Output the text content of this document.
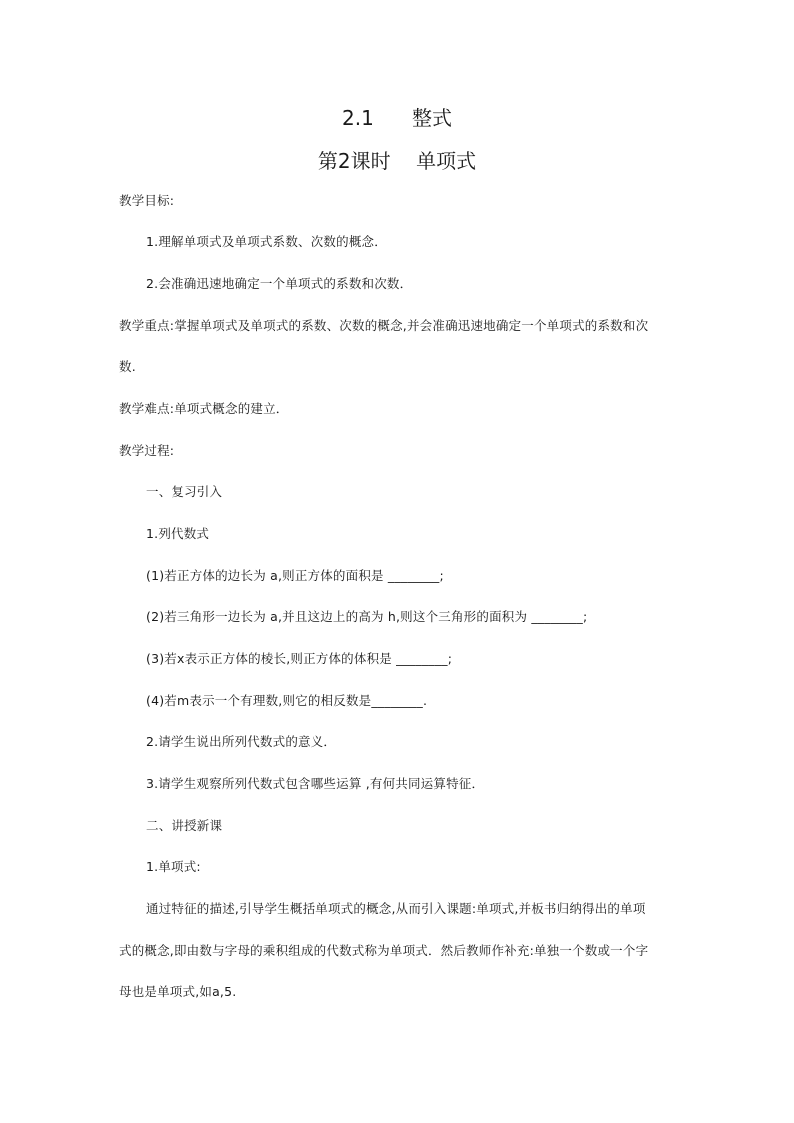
2.1      整式
第2课时    单项式
教学目标:
1.理解单项式及单项式系数、次数的概念．
2.会准确迅速地确定一个单项式的系数和次数．
教学重点:掌握单项式及单项式的系数、次数的概念,并会准确迅速地确定一个单项式的系数和次
数.
教学难点:单项式概念的建立．
教学过程:
一、复习引入
1.列代数式
(1)若正方体的边长为 a,则正方体的面积是 ________;
(2)若三角形一边长为 a,并且这边上的高为 h,则这个三角形的面积为 ________;
(3)若x表示正方体的棱长,则正方体的体积是 ________;
(4)若m表示一个有理数,则它的相反数是________.
2.请学生说出所列代数式的意义．
3.请学生观察所列代数式包含哪些运算 ,有何共同运算特征．
二、讲授新课
1.单项式:
通过特征的描述,引导学生概括单项式的概念,从而引入课题:单项式,并板书归纳得出的单项
式的概念,即由数与字母的乘积组成的代数式称为单项式．然后教师作补充:单独一个数或一个字
母也是单项式,如a,5.
